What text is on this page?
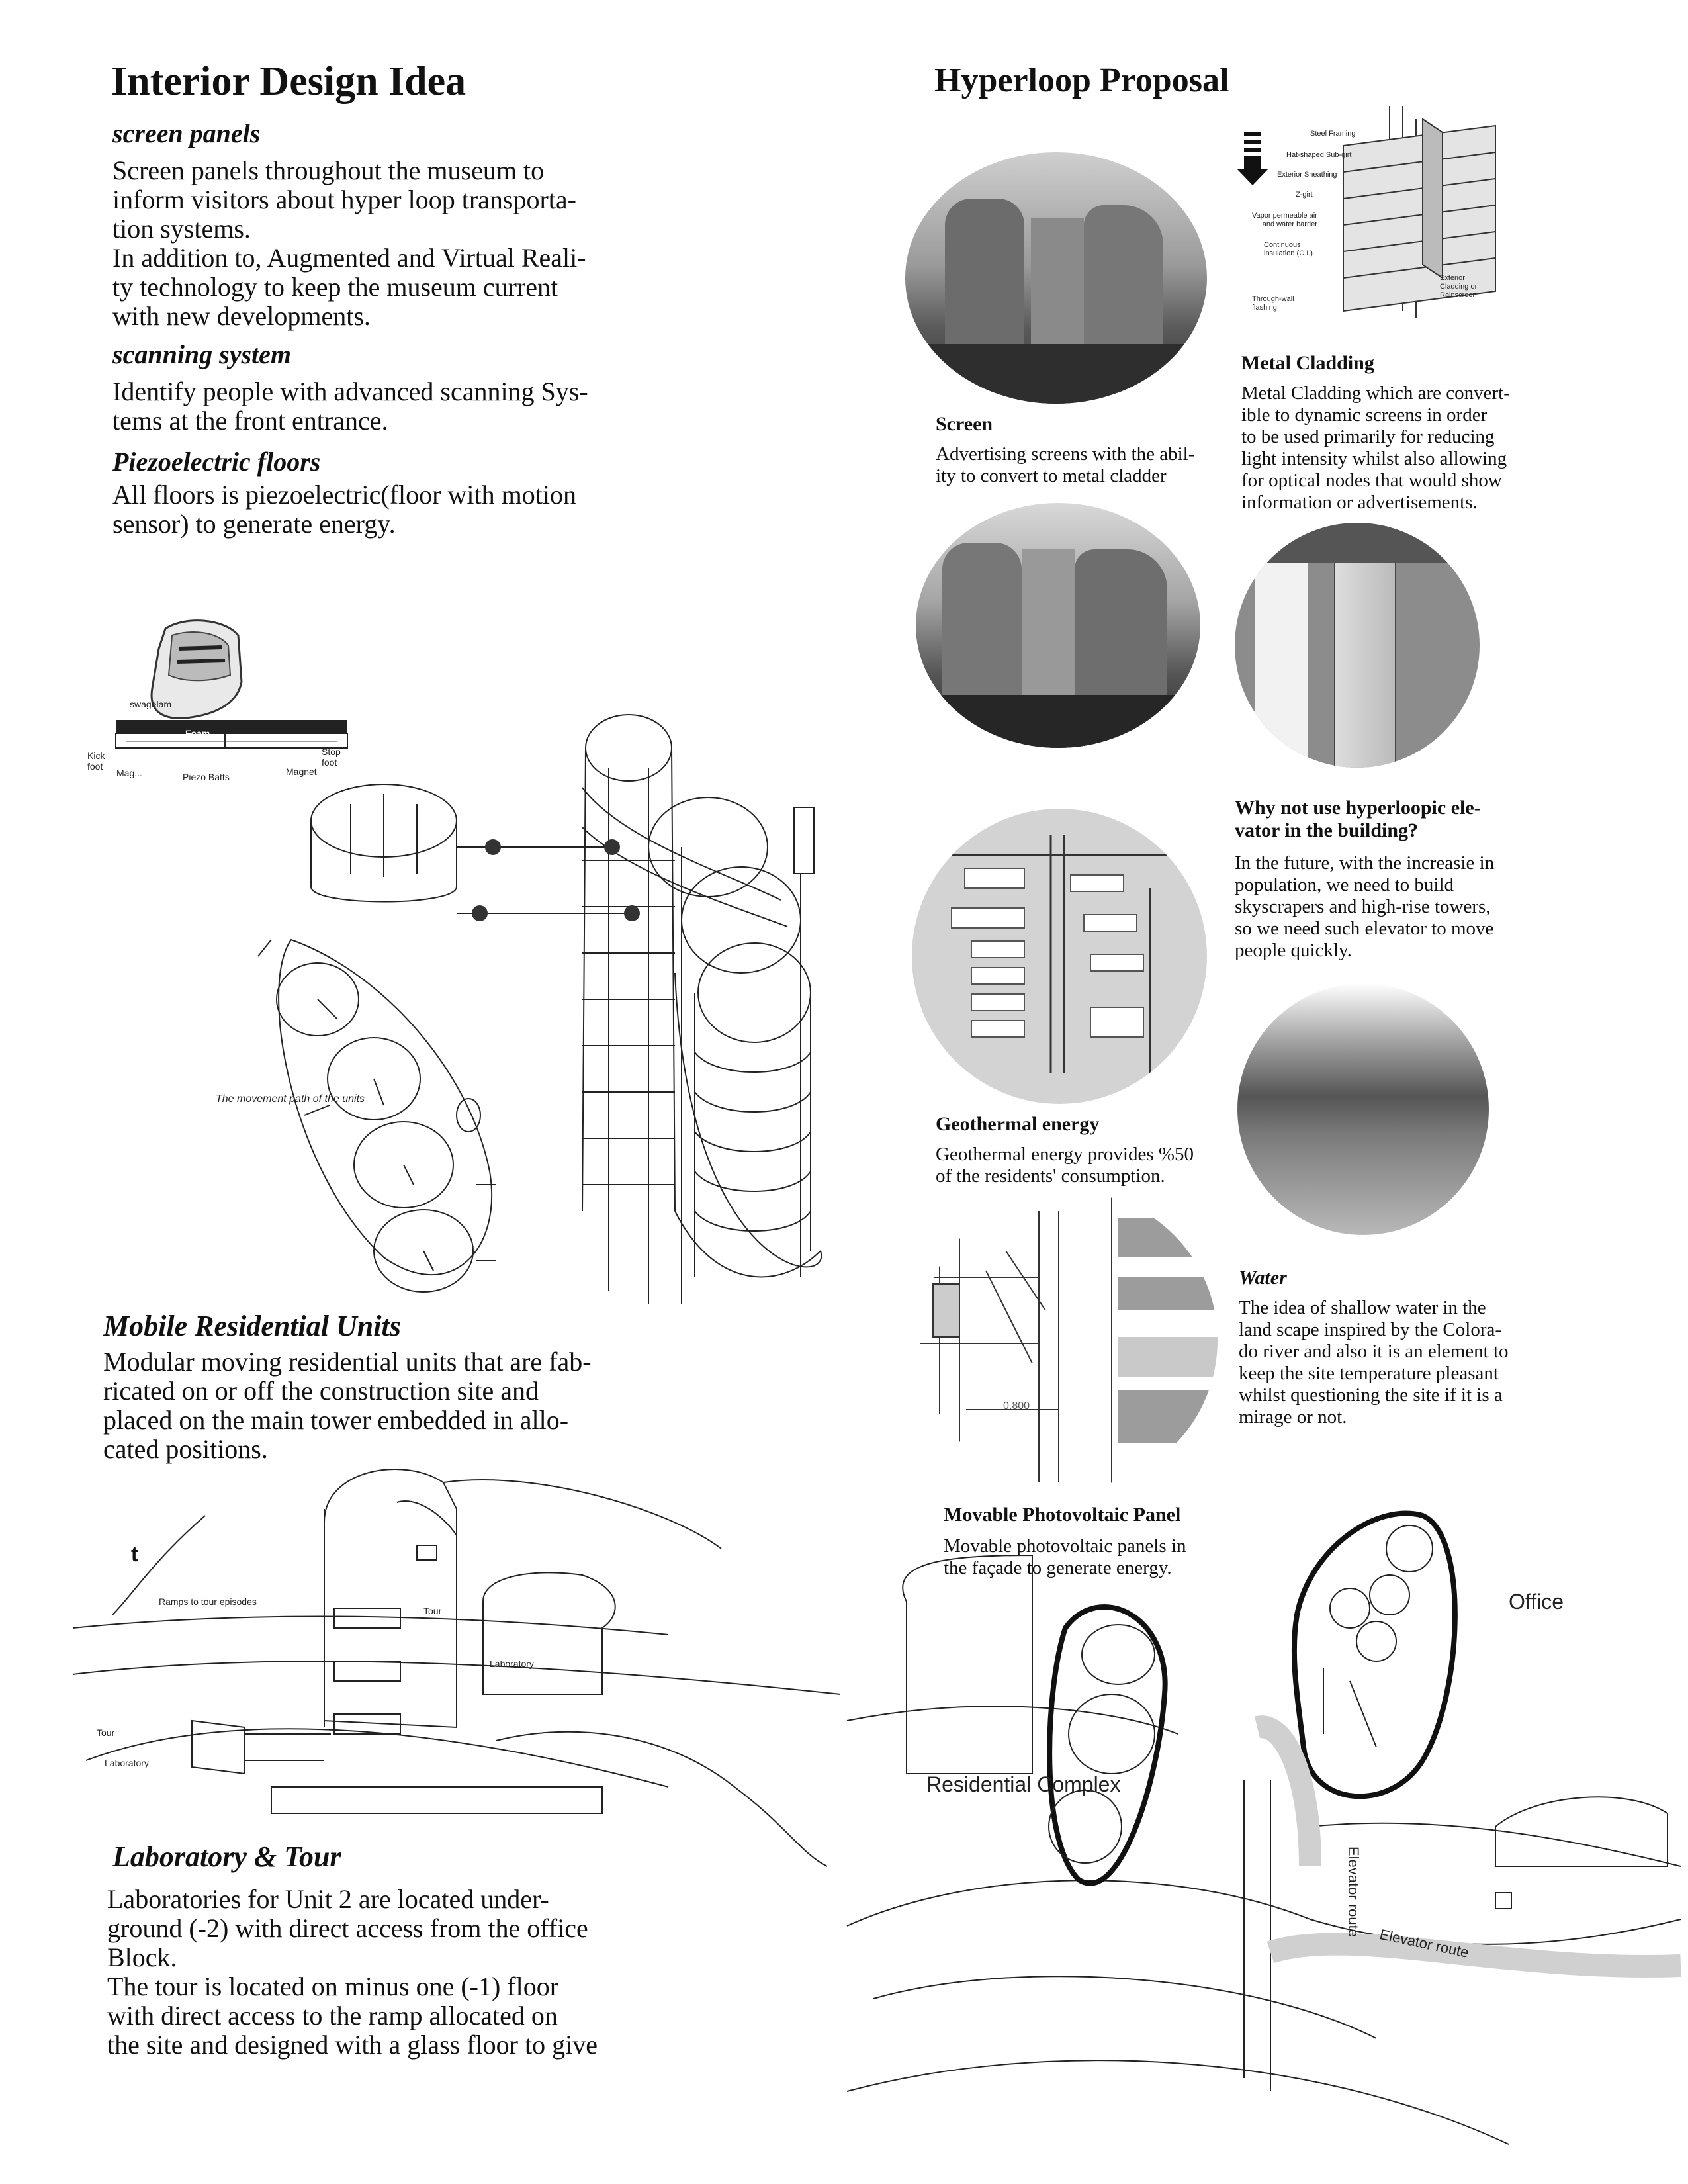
Interior Design Idea
screen panels
Screen panels throughout the museum to
inform visitors about hyper loop transporta-
tion systems.
In addition to, Augmented and Virtual Reali-
ty technology to keep the museum current
with new developments.
scanning system
Identify people with advanced scanning Sys-
tems at the front entrance.
Piezoelectric floors
All floors is piezoelectric(floor with motion
sensor) to generate energy.
Foam
swagelam
Piezo Batts
Mag...	Magnet
Kick
foot
Stop
foot
The movement path of the units
Mobile Residential Units
Modular moving residential units that are fab-
ricated on or off the construction site and
placed on the main tower embedded in allo-
cated positions.
t
Ramps to tour episodes
Tour
Laboratory
Tour
Laboratory
Laboratory & Tour
Laboratories for Unit 2 are located under-
ground (-2) with direct access from the office
Block.
The tour is located on minus one (-1) floor
with direct access to the ramp allocated on
the site and designed with a glass floor to give
Hyperloop Proposal
Steel Framing
Hat-shaped Sub-girt
Exterior Sheathing
Z-girt
Vapor permeable air
and water barrier
Continuous
insulation (C.I.)
Through-wall
flashing
Exterior
Cladding or
Rainscreen
Metal Cladding
Metal Cladding which are convert-
ible to dynamic screens in order
to be used primarily for reducing
light intensity whilst also allowing
for optical nodes that would show
information or advertisements.
Screen
Advertising screens with the abil-
ity to convert to metal cladder
Why not use hyperloopic ele-
vator in the building?
In the future, with the increasie in
population, we need to build
skyscrapers and high-rise towers,
so we need such elevator to move
people quickly.
Geothermal energy
Geothermal energy provides %50
of the residents' consumption.
0.800
Water
The idea of shallow water in the
land scape inspired by the Colora-
do river and also it is an element to
keep the site temperature pleasant
whilst questioning the site if it is a
mirage or not.
Movable Photovoltaic Panel
Movable photovoltaic panels in
the façade to generate energy.
Office
Residential Complex
Elevator route
Elevator route
